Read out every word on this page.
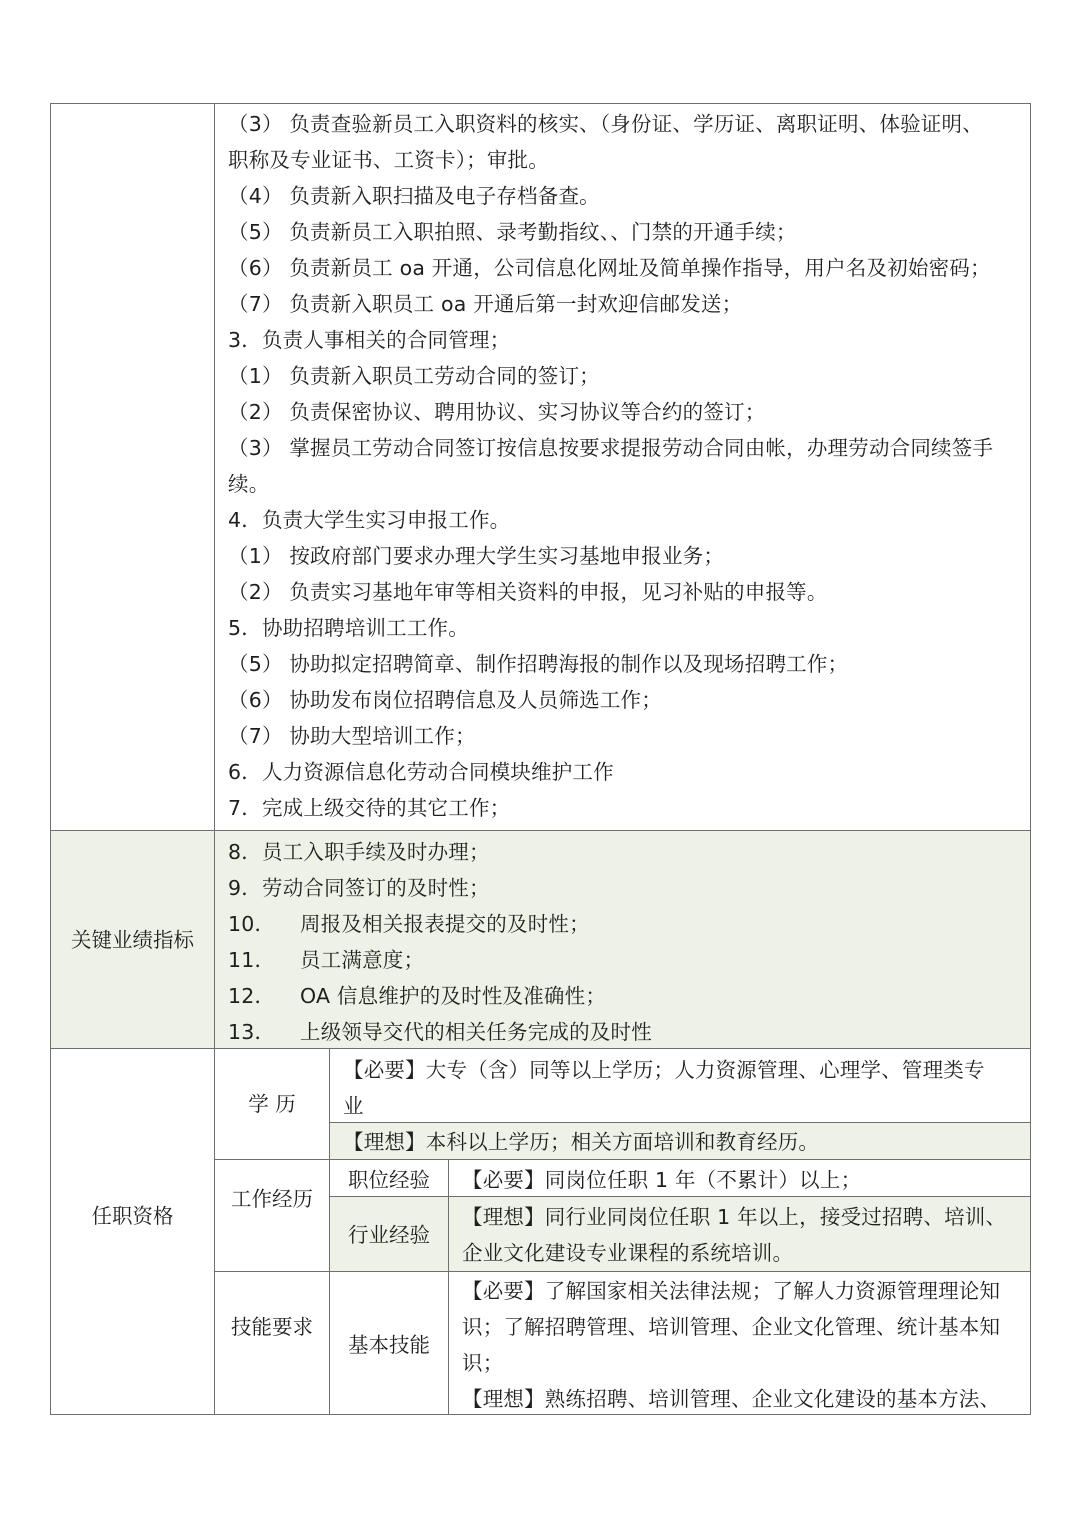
（3） 负责查验新员工入职资料的核实、（身份证、学历证、离职证明、体验证明、
职称及专业证书、工资卡）；审批。
（4） 负责新入职扫描及电子存档备查。
（5） 负责新员工入职拍照、录考勤指纹、、门禁的开通手续；
（6） 负责新员工 oa 开通，公司信息化网址及简单操作指导，用户名及初始密码；
（7） 负责新入职员工 oa 开通后第一封欢迎信邮发送；
3．负责人事相关的合同管理；
（1） 负责新入职员工劳动合同的签订；
（2） 负责保密协议、聘用协议、实习协议等合约的签订；
（3） 掌握员工劳动合同签订按信息按要求提报劳动合同由帐，办理劳动合同续签手
续。
4．负责大学生实习申报工作。
（1） 按政府部门要求办理大学生实习基地申报业务；
（2） 负责实习基地年审等相关资料的申报，见习补贴的申报等。
5．协助招聘培训工工作。
（5） 协助拟定招聘简章、制作招聘海报的制作以及现场招聘工作；
（6） 协助发布岗位招聘信息及人员筛选工作；
（7） 协助大型培训工作；
6．人力资源信息化劳动合同模块维护工作
7．完成上级交待的其它工作；
关键业绩指标
8．员工入职手续及时办理；
9．劳动合同签订的及时性；
10． 周报及相关报表提交的及时性；
11． 员工满意度；
12． OA 信息维护的及时性及准确性；
13． 上级领导交代的相关任务完成的及时性
任职资格
学 历
【必要】大专（含）同等以上学历；人力资源管理、心理学、管理类专
业
【理想】本科以上学历；相关方面培训和教育经历。
工作经历
职位经验	【必要】同岗位任职 1 年（不累计）以上；
行业经验
【理想】同行业同岗位任职 1 年以上，接受过招聘、培训、
企业文化建设专业课程的系统培训。
技能要求
基本技能
【必要】了解国家相关法律法规；了解人力资源管理理论知
识；了解招聘管理、培训管理、企业文化管理、统计基本知
识；
【理想】熟练招聘、培训管理、企业文化建设的基本方法、
